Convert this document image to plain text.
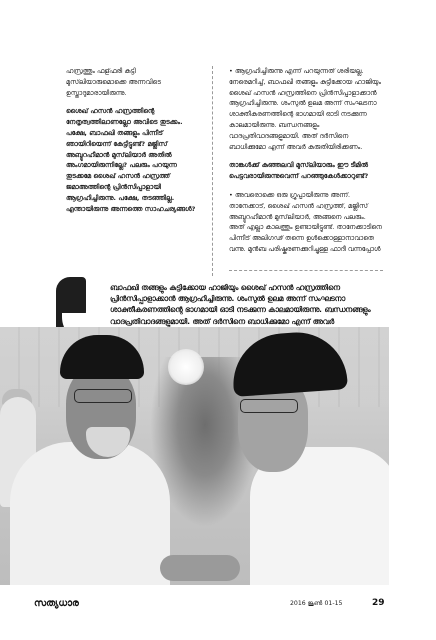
ഹസ്രത്തും ഫള്ഫരി കുട്ടി മുസ്‌ലിയാരുമൊക്കെ അന്നവിടെ ഉസ്താദുമാരായിരുന്നു.

ശൈഖ് ഹസൻ ഹസ്രത്തിന്റെ നേതൃത്വത്തിലാണല്ലോ അവിടെ തുടക്കം. പക്ഷേ, ബാഫഖി തങ്ങളും പിന്നീട് ഞായിറിയെന്ന് കേട്ടിട്ടുണ്ട്? മജ്ലിസ് അബ്ദുറഹീമാൻ മുസ്‌ലിയാർ അതിൽ അംഗമായിരുന്നില്ലേ? പലരും പറയുന്ന തുടക്കമേ ശൈഖ് ഹസൻ ഹസ്രത്ത് ജമാഅത്തിന്റെ പ്രിൻസിപ്പാളായി ആഗ്രഹിച്ചിരുന്നു. പക്ഷേ, തടഞ്ഞില്ല. എന്തായിരുന്നു അന്നത്തെ സാഹചര്യങ്ങൾ?

• ആഗ്രഹിച്ചിരുന്നു എന്ന് പറയുന്നത് ശരിയല്ല. നേരെമറിച്ച്, ബാഫഖി തങ്ങളും കുട്ടിക്കോയ ഹാജിയും ശൈഖ് ഹസൻ ഹസ്രത്തിനെ പ്രിൻസിപ്പാളാക്കാൻ ആഗ്രഹിച്ചിരുന്നു. ശംസുൽ ഉലമ അന്ന് സംഘടനാ ശാക്തീകരണത്തിന്റെ ഭാഗമായി ഓടി നടക്കുന്ന കാലമായിരുന്നു. ബന്ധനങ്ങളും വാദപ്രതിവാദങ്ങളുമായി. അത് ദർസിനെ ബാധിക്കുമോ എന്ന് അവർ കരുതിയിരിക്കണം.

താങ്കൾക്ക് കുഞ്ഞലവി മുസ്‌ലിയാരും ഈ ടീമിൽ പെട്ടവരായിരുന്നുവെന്ന് പറഞ്ഞുകേൾക്കാറുണ്ട്?

• അവരൊക്കെ ഒരു ഗ്രൂപ്പായിരുന്നു അന്ന്. താനേക്കാട്, ശൈഖ് ഹസൻ ഹസ്രത്ത്, മജ്ലിസ് അബ്ദുറഹീമാൻ മുസ്‌ലിയാർ, അങ്ങനെ പലരും. അത് എല്ലാ കാലത്തും ഉണ്ടായിട്ടുണ്ട്. താനേക്കാടിനെ പിന്നീട് അലിഗഢ് തന്നെ ഉൾക്കൊള്ളാനാവാതെ വന്നു. മുൻബ പരിഷ്കരണക്കുറിച്ചുള്ള ഫാദീ വന്നപ്പോൾ

ബാഫഖി തങ്ങളും കുട്ടിക്കോയ ഹാജിയും ശൈഖ് ഹസൻ ഹസ്രത്തിനെ പ്രിൻസിപ്പാളാക്കാൻ ആഗ്രഹിച്ചിരുന്നു. ശംസുൽ ഉലമ അന്ന് സംഘടനാ ശാക്തീകരണത്തിന്റെ ഭാഗമായി ഓടി നടക്കുന്ന കാലമായിരുന്നു. ബന്ധനങ്ങളും വാദപ്രതിവാദങ്ങളുമായി. അത് ദർസിനെ ബാധിക്കുമോ എന്ന് അവർ
സത്യധാര	2016 ജൂൺ 01-15	29
